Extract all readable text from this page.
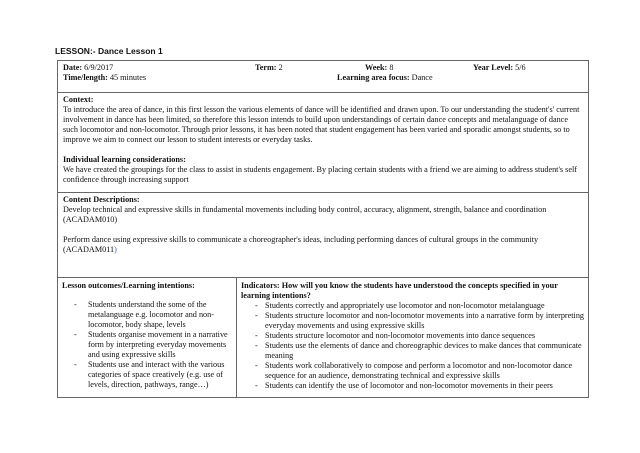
LESSON:- Dance Lesson 1
Date: 6/9/2017
Time/length: 45 minutes
Term: 2	Week: 8
Learning area focus: Dance
Year Level: 5/6

Context:

To introduce the area of dance, in this first lesson the various elements of dance will be identified and drawn upon. To our understanding the student's' current involvement in dance has been limited, so therefore this lesson intends to build upon understandings of certain dance concepts and metalanguage of dance such locomotor and non-locomotor. Through prior lessons, it has been noted that student engagement has been varied and sporadic amongst students, so to improve we aim to connect our lesson to student interests or everyday tasks.

Individual learning considerations:

We have created the groupings for the class to assist in students engagement. By placing certain students with a friend we are aiming to address student's self confidence through increasing support

Content Descriptions:

Develop technical and expressive skills in fundamental movements including body control, accuracy, alignment, strength, balance and coordination

(ACADAM010)

Perform dance using expressive skills to communicate a choreographer's ideas, including performing dances of cultural groups in the community

(ACADAM011)

Lesson outcomes/Learning intentions:

- Students understand the some of the metalanguage e.g. locomotor and non-locomotor, body shape, levels
- Students organise movement in a narrative form by interpreting everyday movements and using expressive skills
- Students use and interact with the various categories of space creatively (e.g. use of levels, direction, pathways, range…)

Indicators: How will you know the students have understood the concepts specified in your learning intentions?

- Students correctly and appropriately use locomotor and non-locomotor metalanguage
- Students structure locomotor and non-locomotor movements into a narrative form by interpreting everyday movements and using expressive skills
- Students structure locomotor and non-locomotor movements into dance sequences
- Students use the elements of dance and choreographic devices to make dances that communicate meaning
- Students work collaboratively to compose and perform a locomotor and non-locomotor dance sequence for an audience, demonstrating technical and expressive skills
- Students can identify the use of locomotor and non-locomotor movements in their peers
